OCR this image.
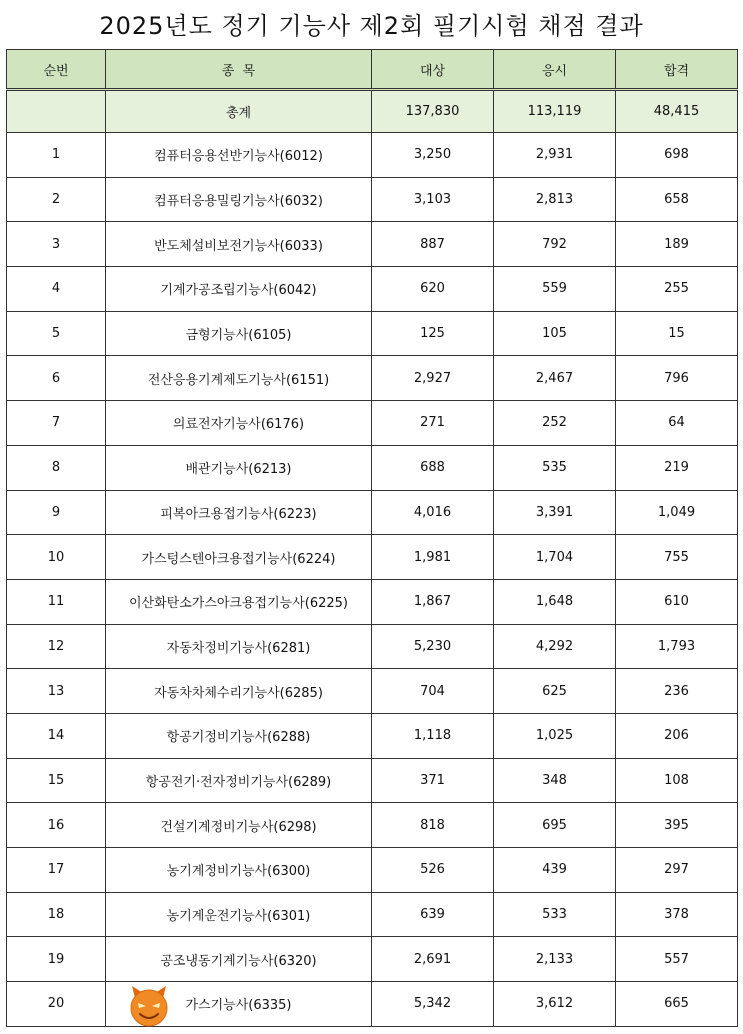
2025년도 정기 기능사 제2회 필기시험 채점 결과
순번	종  목	대상	응시	합격
	총계	137,830	113,119	48,415
1	컴퓨터응용선반기능사(6012)	3,250	2,931	698
2	컴퓨터응용밀링기능사(6032)	3,103	2,813	658
3	반도체설비보전기능사(6033)	887	792	189
4	기계가공조립기능사(6042)	620	559	255
5	금형기능사(6105)	125	105	15
6	전산응용기계제도기능사(6151)	2,927	2,467	796
7	의료전자기능사(6176)	271	252	64
8	배관기능사(6213)	688	535	219
9	피복아크용접기능사(6223)	4,016	3,391	1,049
10	가스텅스텐아크용접기능사(6224)	1,981	1,704	755
11	이산화탄소가스아크용접기능사(6225)	1,867	1,648	610
12	자동차정비기능사(6281)	5,230	4,292	1,793
13	자동차차체수리기능사(6285)	704	625	236
14	항공기정비기능사(6288)	1,118	1,025	206
15	항공전기·전자정비기능사(6289)	371	348	108
16	건설기계정비기능사(6298)	818	695	395
17	농기계정비기능사(6300)	526	439	297
18	농기계운전기능사(6301)	639	533	378
19	공조냉동기계기능사(6320)	2,691	2,133	557
20	가스기능사(6335)	5,342	3,612	665
